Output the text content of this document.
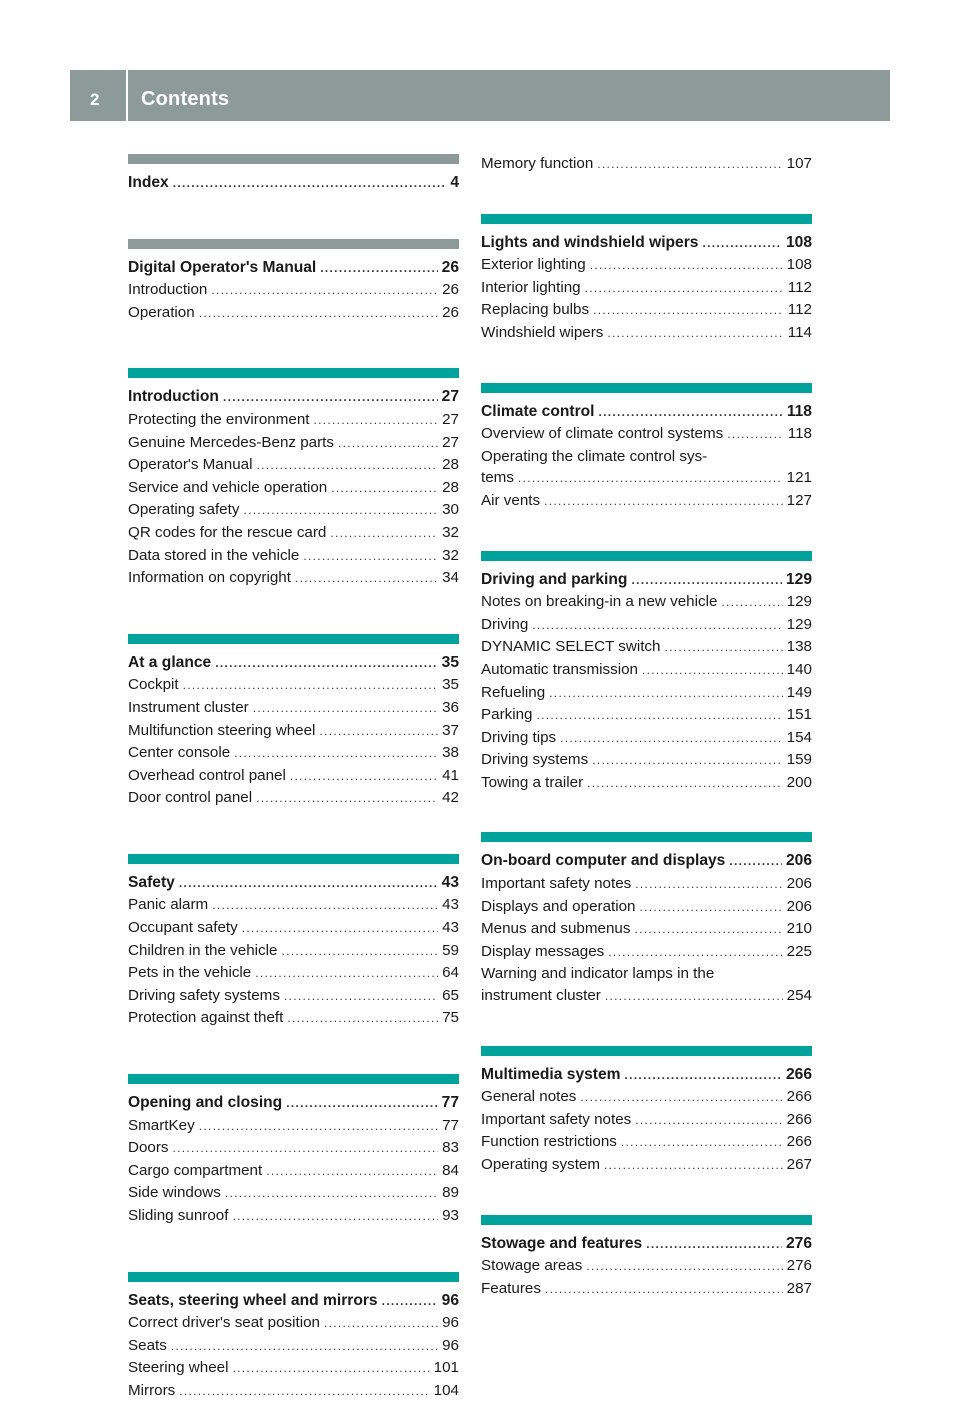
2 Contents
Index .....	4
Digital Operator's Manual .....	26
Introduction .....	26
Operation .....	26
Introduction .....	27
Protecting the environment .....	27
Genuine Mercedes-Benz parts .....	27
Operator's Manual .....	28
Service and vehicle operation .....	28
Operating safety .....	30
QR codes for the rescue card .....	32
Data stored in the vehicle .....	32
Information on copyright .....	34
At a glance .....	35
Cockpit .....	35
Instrument cluster .....	36
Multifunction steering wheel .....	37
Center console .....	38
Overhead control panel .....	41
Door control panel .....	42
Safety .....	43
Panic alarm .....	43
Occupant safety .....	43
Children in the vehicle .....	59
Pets in the vehicle .....	64
Driving safety systems .....	65
Protection against theft .....	75
Opening and closing .....	77
SmartKey .....	77
Doors .....	83
Cargo compartment .....	84
Side windows .....	89
Sliding sunroof .....	93
Seats, steering wheel and mirrors .....	96
Correct driver's seat position .....	96
Seats .....	96
Steering wheel .....	101
Mirrors .....	104
Memory function .....	107
Lights and windshield wipers .....	108
Exterior lighting .....	108
Interior lighting .....	112
Replacing bulbs .....	112
Windshield wipers .....	114
Climate control .....	118
Overview of climate control systems .....	118
Operating the climate control sys-
tems .....	121
Air vents .....	127
Driving and parking .....	129
Notes on breaking-in a new vehicle .....	129
Driving .....	129
DYNAMIC SELECT switch .....	138
Automatic transmission .....	140
Refueling .....	149
Parking .....	151
Driving tips .....	154
Driving systems .....	159
Towing a trailer .....	200
On-board computer and displays .....	206
Important safety notes .....	206
Displays and operation .....	206
Menus and submenus .....	210
Display messages .....	225
Warning and indicator lamps in the
instrument cluster .....	254
Multimedia system .....	266
General notes .....	266
Important safety notes .....	266
Function restrictions .....	266
Operating system .....	267
Stowage and features .....	276
Stowage areas .....	276
Features .....	287
